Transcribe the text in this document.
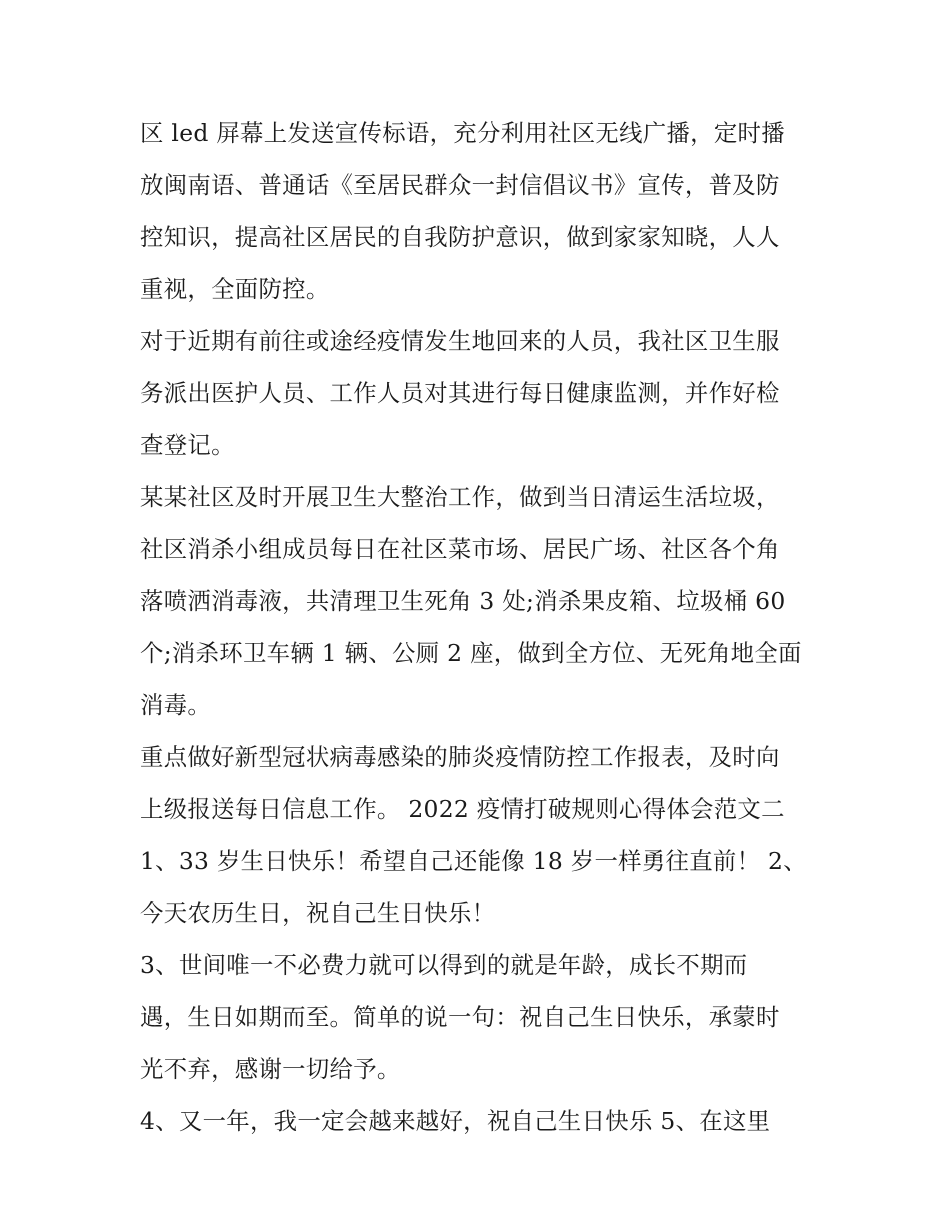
区 led 屏幕上发送宣传标语，充分利用社区无线广播，定时播
放闽南语、普通话《至居民群众一封信倡议书》宣传，普及防
控知识，提高社区居民的自我防护意识，做到家家知晓，人人
重视，全面防控。
对于近期有前往或途经疫情发生地回来的人员，我社区卫生服
务派出医护人员、工作人员对其进行每日健康监测，并作好检
查登记。
某某社区及时开展卫生大整治工作，做到当日清运生活垃圾，
社区消杀小组成员每日在社区菜市场、居民广场、社区各个角
落喷洒消毒液，共清理卫生死角 3 处;消杀果皮箱、垃圾桶 60
个;消杀环卫车辆 1 辆、公厕 2 座，做到全方位、无死角地全面
消毒。
重点做好新型冠状病毒感染的肺炎疫情防控工作报表，及时向
上级报送每日信息工作。 2022 疫情打破规则心得体会范文二
1、33 岁生日快乐！希望自己还能像 18 岁一样勇往直前！ 2、
今天农历生日，祝自己生日快乐！
3、世间唯一不必费力就可以得到的就是年龄，成长不期而
遇，生日如期而至。简单的说一句：祝自己生日快乐，承蒙时
光不弃，感谢一切给予。
4、又一年，我一定会越来越好，祝自己生日快乐 5、在这里
